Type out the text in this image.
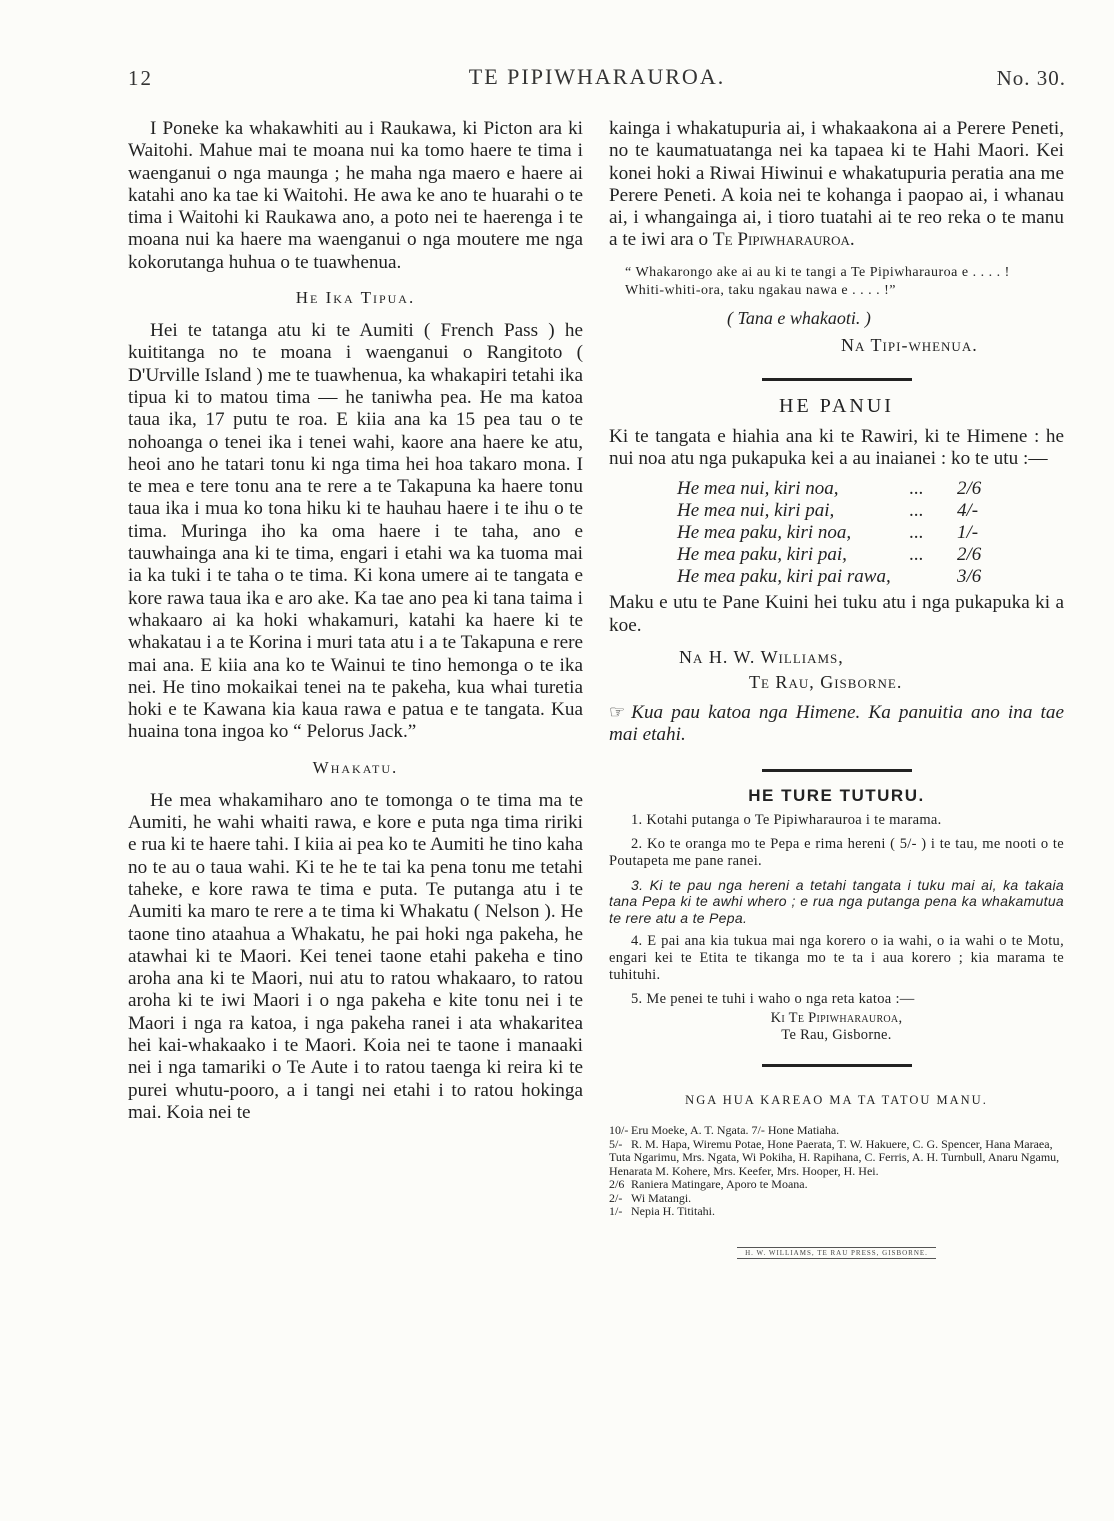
12	TE PIPIWHARAUROA.	No. 30.

I Poneke ka whakawhiti au i Raukawa, ki Picton ara ki Waitohi. Mahue mai te moana nui ka tomo haere te tima i waenganui o nga maunga ; he maha nga maero e haere ai katahi ano ka tae ki Waitohi. He awa ke ano te huarahi o te tima i Waitohi ki Raukawa ano, a poto nei te haerenga i te moana nui ka haere ma waenganui o nga moutere me nga kokorutanga huhua o te tuawhenua.

He Ika Tipua.

Hei te tatanga atu ki te Aumiti ( French Pass ) he kuititanga no te moana i waenganui o Rangitoto ( D'Urville Island ) me te tuawhenua, ka whakapiri tetahi ika tipua ki to matou tima — he taniwha pea. He ma katoa taua ika, 17 putu te roa. E kiia ana ka 15 pea tau o te nohoanga o tenei ika i tenei wahi, kaore ana haere ke atu, heoi ano he tatari tonu ki nga tima hei hoa takaro mona. I te mea e tere tonu ana te rere a te Takapuna ka haere tonu taua ika i mua ko tona hiku ki te hauhau haere i te ihu o te tima. Muringa iho ka oma haere i te taha, ano e tauwhainga ana ki te tima, engari i etahi wa ka tuoma mai ia ka tuki i te taha o te tima. Ki kona umere ai te tangata e kore rawa taua ika e aro ake. Ka tae ano pea ki tana taima i whakaaro ai ka hoki whakamuri, katahi ka haere ki te whakatau i a te Korina i muri tata atu i a te Takapuna e rere mai ana. E kiia ana ko te Wainui te tino hemonga o te ika nei. He tino mokaikai tenei na te pakeha, kua whai turetia hoki e te Kawana kia kaua rawa e patua e te tangata. Kua huaina tona ingoa ko “ Pelorus Jack.”

Whakatu.

He mea whakamiharo ano te tomonga o te tima ma te Aumiti, he wahi whaiti rawa, e kore e puta nga tima ririki e rua ki te haere tahi. I kiia ai pea ko te Aumiti he tino kaha no te au o taua wahi. Ki te he te tai ka pena tonu me tetahi taheke, e kore rawa te tima e puta. Te putanga atu i te Aumiti ka maro te rere a te tima ki Whakatu ( Nelson ). He taone tino ataahua a Whakatu, he pai hoki nga pakeha, he atawhai ki te Maori. Kei tenei taone etahi pakeha e tino aroha ana ki te Maori, nui atu to ratou whakaaro, to ratou aroha ki te iwi Maori i o nga pakeha e kite tonu nei i te Maori i nga ra katoa, i nga pakeha ranei i ata whakaritea hei kai-whakaako i te Maori. Koia nei te taone i manaaki nei i nga tamariki o Te Aute i to ratou taenga ki reira ki te purei whutu-pooro, a i tangi nei etahi i to ratou hokinga mai. Koia nei te

kainga i whakatupuria ai, i whakaakona ai a Perere Peneti, no te kaumatuatanga nei ka tapaea ki te Hahi Maori. Kei konei hoki a Riwai Hiwinui e whakatupuria peratia ana me Perere Peneti. A koia nei te kohanga i paopao ai, i whanau ai, i whangainga ai, i tioro tuatahi ai te reo reka o te manu a te iwi ara o Te Pipiwharauroa.

“ Whakarongo ake ai au ki te tangi a Te Pipiwharauroa e . . . . !
Whiti-whiti-ora, taku ngakau nawa e . . . . !”
( Tana e whakaoti. )
Na Tipi-whenua.
HE PANUI

Ki te tangata e hiahia ana ki te Rawiri, ki te Himene : he nui noa atu nga pukapuka kei a au inaianei : ko te utu :—

He mea nui, kiri noa,	...	2/6
He mea nui, kiri pai,	...	4/-
He mea paku, kiri noa,	...	1/-
He mea paku, kiri pai,	...	2/6
He mea paku, kiri pai rawa,	3/6

Maku e utu te Pane Kuini hei tuku atu i nga pukapuka ki a koe.

Na H. W. Williams,
Te Rau, Gisborne.

☞ Kua pau katoa nga Himene. Ka panuitia ano ina tae mai etahi.

HE TURE TUTURU.

1. Kotahi putanga o Te Pipiwharauroa i te marama.

2. Ko te oranga mo te Pepa e rima hereni ( 5/- ) i te tau, me nooti o te Poutapeta me pane ranei.

3. Ki te pau nga hereni a tetahi tangata i tuku mai ai, ka takaia tana Pepa ki te awhi whero ; e rua nga putanga pena ka whakamutua te rere atu a te Pepa.

4. E pai ana kia tukua mai nga korero o ia wahi, o ia wahi o te Motu, engari kei te Etita te tikanga mo te ta i aua korero ; kia marama te tuhituhi.

5. Me penei te tuhi i waho o nga reta katoa :—

Ki Te Pipiwharauroa,

Te Rau, Gisborne.

NGA HUA KAREAO MA TA TATOU MANU.

10/- Eru Moeke, A. T. Ngata. 7/- Hone Matiaha.

5/- R. M. Hapa, Wiremu Potae, Hone Paerata, T. W. Hakuere, C. G. Spencer, Hana Maraea, Tuta Ngarimu, Mrs. Ngata, Wi Pokiha, H. Rapihana, C. Ferris, A. H. Turnbull, Anaru Ngamu, Henarata M. Kohere, Mrs. Keefer, Mrs. Hooper, H. Hei.

2/6 Raniera Matingare, Aporo te Moana.

2/- Wi Matangi.

1/- Nepia H. Tititahi.

H. W. WILLIAMS, TE RAU PRESS, GISBORNE.
